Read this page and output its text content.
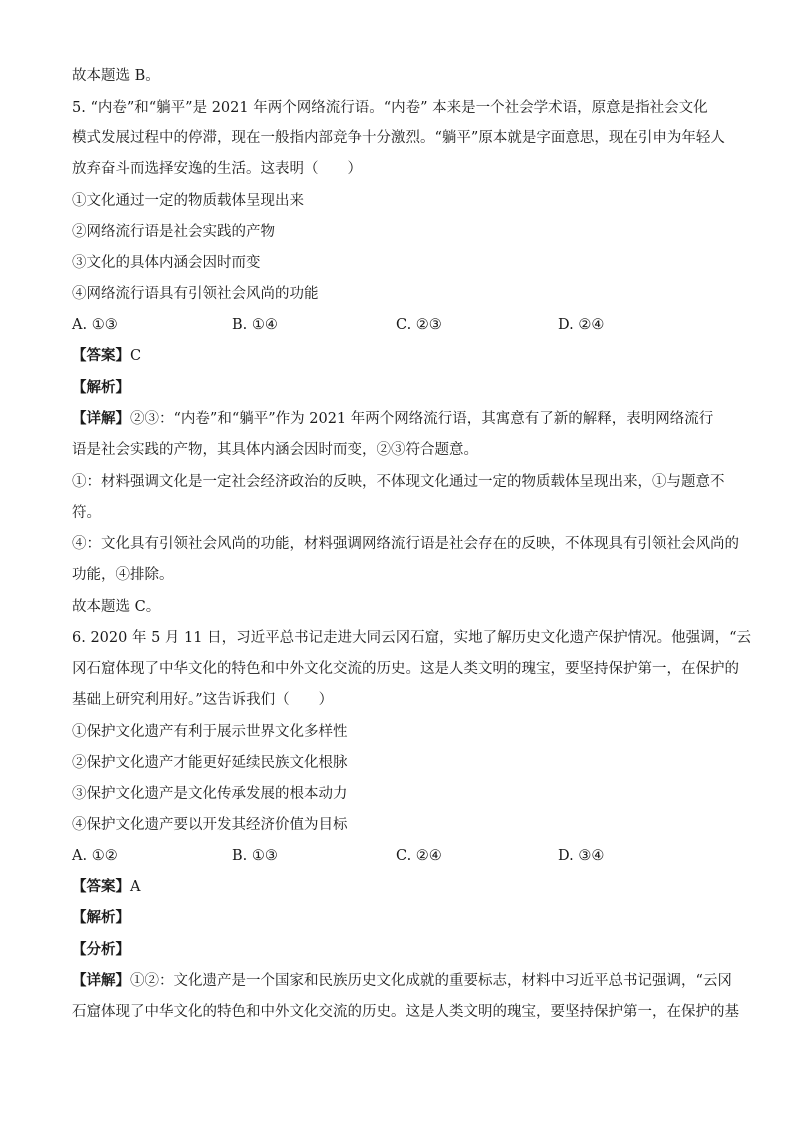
故本题选 B。
5. “内卷”和“躺平”是 2021 年两个网络流行语。“内卷” 本来是一个社会学术语，原意是指社会文化
模式发展过程中的停滞，现在一般指内部竞争十分激烈。“躺平”原本就是字面意思，现在引申为年轻人
放弃奋斗而选择安逸的生活。这表明（　　）
①文化通过一定的物质载体呈现出来
②网络流行语是社会实践的产物
③文化的具体内涵会因时而变
④网络流行语具有引领社会风尚的功能
A. ①③	B. ①④	C. ②③	D. ②④
【答案】C
【解析】
【详解】②③：“内卷”和“躺平”作为 2021 年两个网络流行语，其寓意有了新的解释，表明网络流行
语是社会实践的产物，其具体内涵会因时而变，②③符合题意。
①：材料强调文化是一定社会经济政治的反映，不体现文化通过一定的物质载体呈现出来，①与题意不
符。
④：文化具有引领社会风尚的功能，材料强调网络流行语是社会存在的反映，不体现具有引领社会风尚的
功能，④排除。
故本题选 C。
6. 2020 年 5 月 11 日，习近平总书记走进大同云冈石窟，实地了解历史文化遗产保护情况。他强调，“云
冈石窟体现了中华文化的特色和中外文化交流的历史。这是人类文明的瑰宝，要坚持保护第一，在保护的
基础上研究利用好。”这告诉我们（　　）
①保护文化遗产有利于展示世界文化多样性
②保护文化遗产才能更好延续民族文化根脉
③保护文化遗产是文化传承发展的根本动力
④保护文化遗产要以开发其经济价值为目标
A. ①②	B. ①③	C. ②④	D. ③④
【答案】A
【解析】
【分析】
【详解】①②：文化遗产是一个国家和民族历史文化成就的重要标志，材料中习近平总书记强调，“云冈
石窟体现了中华文化的特色和中外文化交流的历史。这是人类文明的瑰宝，要坚持保护第一，在保护的基
